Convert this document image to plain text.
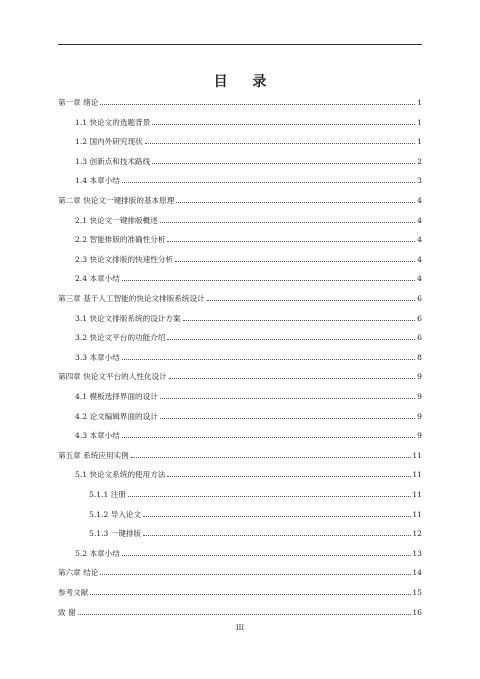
目 录
第一章 绪论	1
1.1 快论文的选题背景	1
1.2 国内外研究现状	1
1.3 创新点和技术路线	2
1.4 本章小结	3
第二章 快论文一键排版的基本原理	4
2.1 快论文一键排版概述	4
2.2 智能排版的准确性分析	4
2.3 快论文排版的快速性分析	4
2.4 本章小结	4
第三章 基于人工智能的快论文排版系统设计	6
3.1 快论文排版系统的设计方案	6
3.2 快论文平台的功能介绍	6
3.3 本章小结	8
第四章 快论文平台的人性化设计	9
4.1 模板选择界面的设计	9
4.2 论文编辑界面的设计	9
4.3 本章小结	9
第五章 系统应用实例	11
5.1 快论文系统的使用方法	11
5.1.1 注册	11
5.1.2 导入论文	11
5.1.3 一键排版	12
5.2 本章小结	13
第六章 结论	14
参考文献	15
致 谢	16
III
